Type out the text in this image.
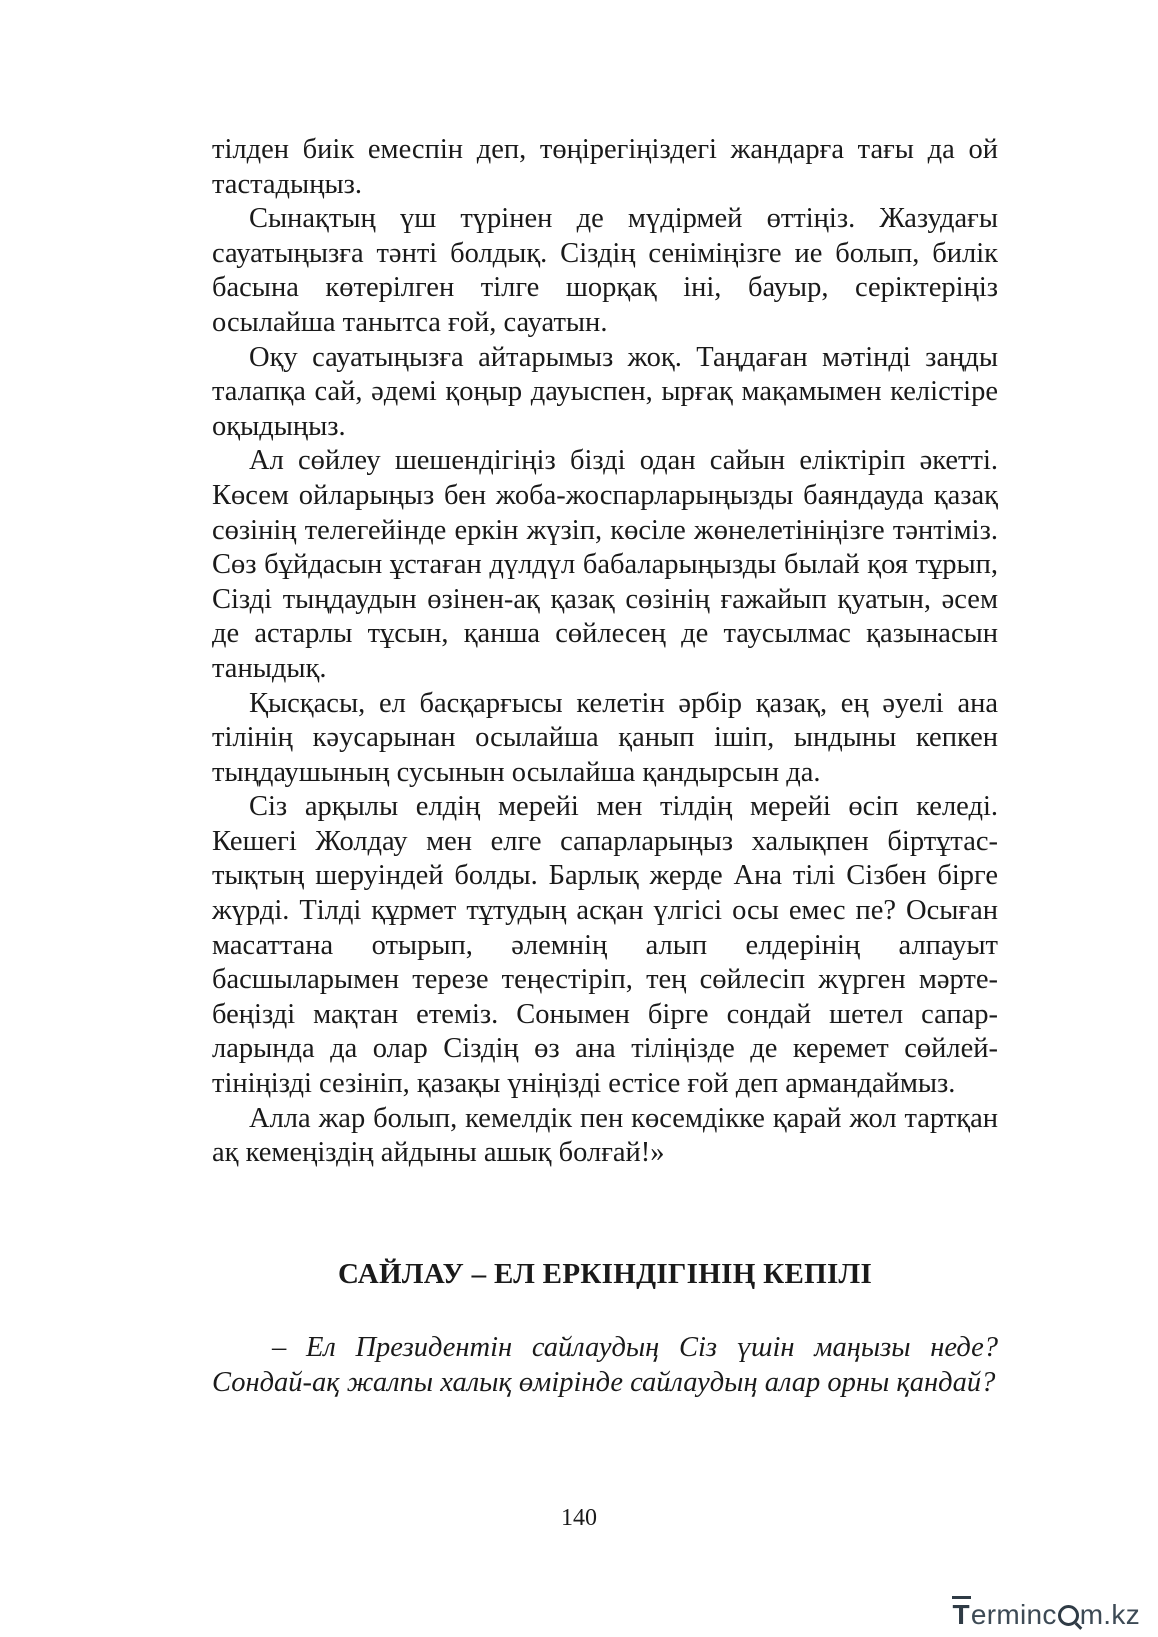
тілден биік емеспін деп, төңірегіңіздегі жандарға тағы да ой тастадыңыз.

Сынақтың үш түрінен де мүдірмей өттіңіз. Жазудағы сауатыңызға тәнті болдық. Сіздің сеніміңізге ие болып, билік басына көтерілген тілге шорқақ іні, бауыр, серіктеріңіз осылайша танытса ғой, сауатын.

Оқу сауатыңызға айтарымыз жоқ. Таңдаған мәтінді заңды талапқа сай, әдемі қоңыр дауыспен, ырғақ мақамымен келістіре оқыдыңыз.

Ал сөйлеу шешендігіңіз бізді одан сайын еліктіріп әкетті. Көсем ойларыңыз бен жоба-жоспарларыңызды баяндауда қазақ сөзінің телегейінде еркін жүзіп, көсіле жөнелетініңізге тәнтіміз. Сөз бұйдасын ұстаған дүлдүл бабаларыңызды былай қоя тұрып, Сізді тыңдаудын өзінен-ақ қазақ сөзінің ғажайып қуатын, әсем де астарлы тұсын, қанша сөйлесең де таусылмас қазынасын таныдық.

Қысқасы, ел басқарғысы келетін әрбір қазақ, ең әуелі ана тілінің кәусарынан осылайша қанып ішіп, ындыны кепкен тыңдаушының сусынын осылайша қандырсын да.

Сіз арқылы елдің мерейі мен тілдің мерейі өсіп келеді. Кешегі Жолдау мен елге сапарларыңыз халықпен біртұтас-тықтың шеруіндей болды. Барлық жерде Ана тілі Сізбен бірге жүрді. Тілді құрмет тұтудың асқан үлгісі осы емес пе? Осыған масаттана отырып, әлемнің алып елдерінің алпауыт басшыларымен терезе теңестіріп, тең сөйлесіп жүрген мәрте-беңізді мақтан етеміз. Сонымен бірге сондай шетел сапар-ларында да олар Сіздің өз ана тіліңізде де керемет сөйлей-тініңізді сезініп, қазақы үніңізді естісе ғой деп армандаймыз.

Алла жар болып, кемелдік пен көсемдікке қарай жол тартқан ақ кемеңіздің айдыны ашық болғай!»

САЙЛАУ – ЕЛ ЕРКІНДІГІНІҢ КЕПІЛІ

– Ел Президентін сайлаудың Сіз үшін маңызы неде? Сондай-ақ жалпы халық өмірінде сайлаудың алар орны қандай?

140
Terminc m.kz
